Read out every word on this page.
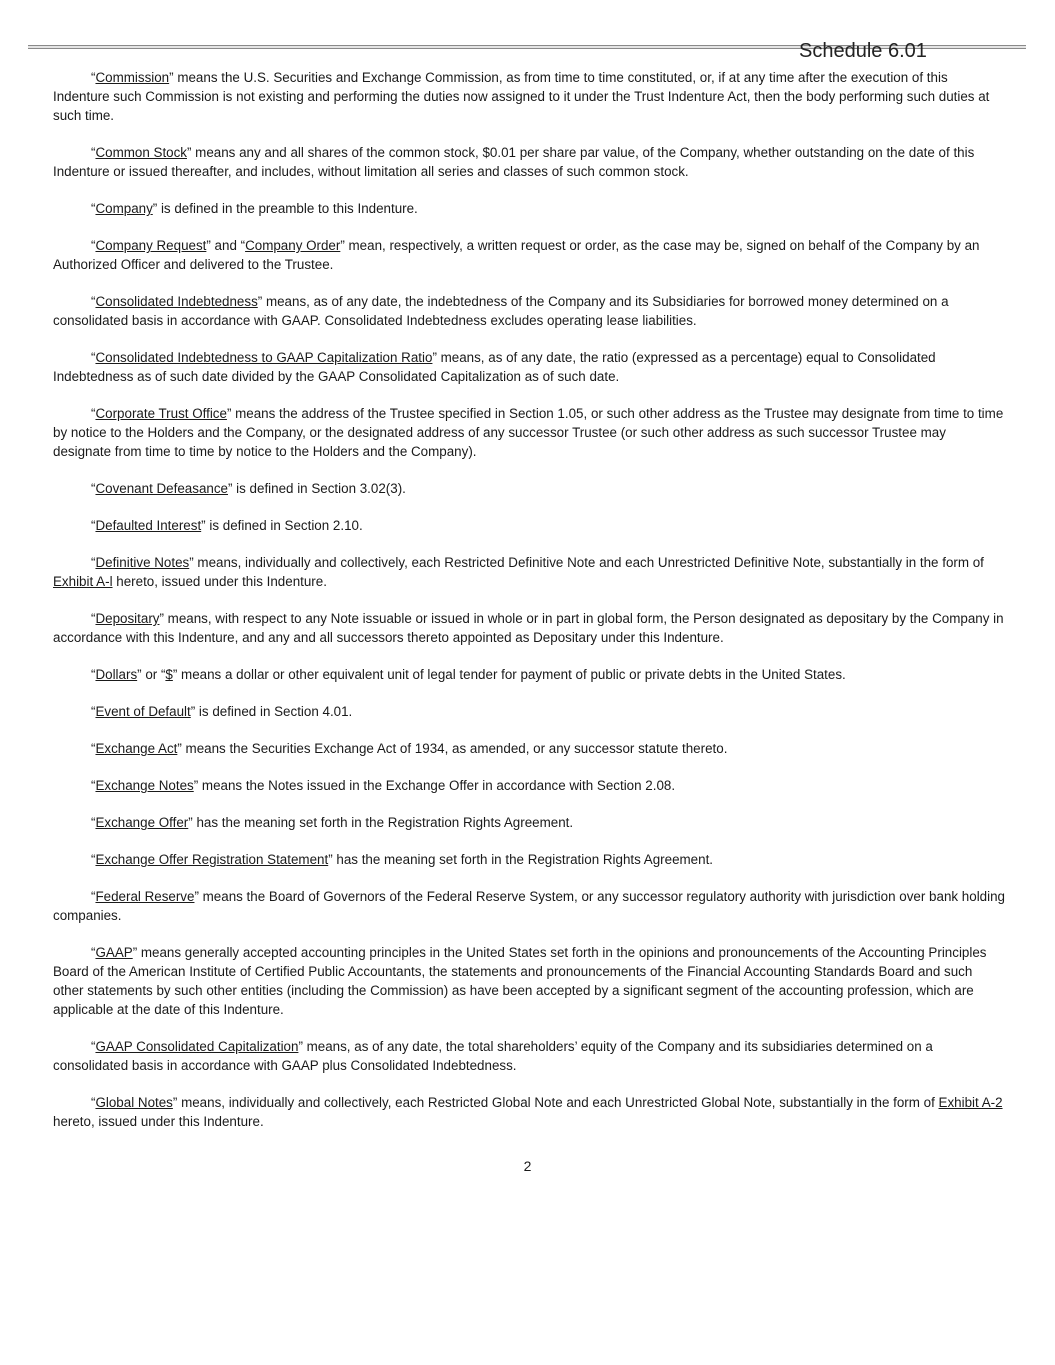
Schedule 6.01

“Commission” means the U.S. Securities and Exchange Commission, as from time to time constituted, or, if at any time after the execution of this Indenture such Commission is not existing and performing the duties now assigned to it under the Trust Indenture Act, then the body performing such duties at such time.

“Common Stock” means any and all shares of the common stock, $0.01 per share par value, of the Company, whether outstanding on the date of this Indenture or issued thereafter, and includes, without limitation all series and classes of such common stock.

“Company” is defined in the preamble to this Indenture.

“Company Request” and “Company Order” mean, respectively, a written request or order, as the case may be, signed on behalf of the Company by an Authorized Officer and delivered to the Trustee.

“Consolidated Indebtedness” means, as of any date, the indebtedness of the Company and its Subsidiaries for borrowed money determined on a consolidated basis in accordance with GAAP. Consolidated Indebtedness excludes operating lease liabilities.

“Consolidated Indebtedness to GAAP Capitalization Ratio” means, as of any date, the ratio (expressed as a percentage) equal to Consolidated Indebtedness as of such date divided by the GAAP Consolidated Capitalization as of such date.

“Corporate Trust Office” means the address of the Trustee specified in Section 1.05, or such other address as the Trustee may designate from time to time by notice to the Holders and the Company, or the designated address of any successor Trustee (or such other address as such successor Trustee may designate from time to time by notice to the Holders and the Company).

“Covenant Defeasance” is defined in Section 3.02(3).

“Defaulted Interest” is defined in Section 2.10.

“Definitive Notes” means, individually and collectively, each Restricted Definitive Note and each Unrestricted Definitive Note, substantially in the form of Exhibit A-l hereto, issued under this Indenture.

“Depositary” means, with respect to any Note issuable or issued in whole or in part in global form, the Person designated as depositary by the Company in accordance with this Indenture, and any and all successors thereto appointed as Depositary under this Indenture.

“Dollars” or “$” means a dollar or other equivalent unit of legal tender for payment of public or private debts in the United States.

“Event of Default” is defined in Section 4.01.

“Exchange Act” means the Securities Exchange Act of 1934, as amended, or any successor statute thereto.

“Exchange Notes” means the Notes issued in the Exchange Offer in accordance with Section 2.08.

“Exchange Offer” has the meaning set forth in the Registration Rights Agreement.

“Exchange Offer Registration Statement” has the meaning set forth in the Registration Rights Agreement.

“Federal Reserve” means the Board of Governors of the Federal Reserve System, or any successor regulatory authority with jurisdiction over bank holding companies.

“GAAP” means generally accepted accounting principles in the United States set forth in the opinions and pronouncements of the Accounting Principles Board of the American Institute of Certified Public Accountants, the statements and pronouncements of the Financial Accounting Standards Board and such other statements by such other entities (including the Commission) as have been accepted by a significant segment of the accounting profession, which are applicable at the date of this Indenture.

“GAAP Consolidated Capitalization” means, as of any date, the total shareholders’ equity of the Company and its subsidiaries determined on a consolidated basis in accordance with GAAP plus Consolidated Indebtedness.

“Global Notes” means, individually and collectively, each Restricted Global Note and each Unrestricted Global Note, substantially in the form of Exhibit A-2 hereto, issued under this Indenture.

2
